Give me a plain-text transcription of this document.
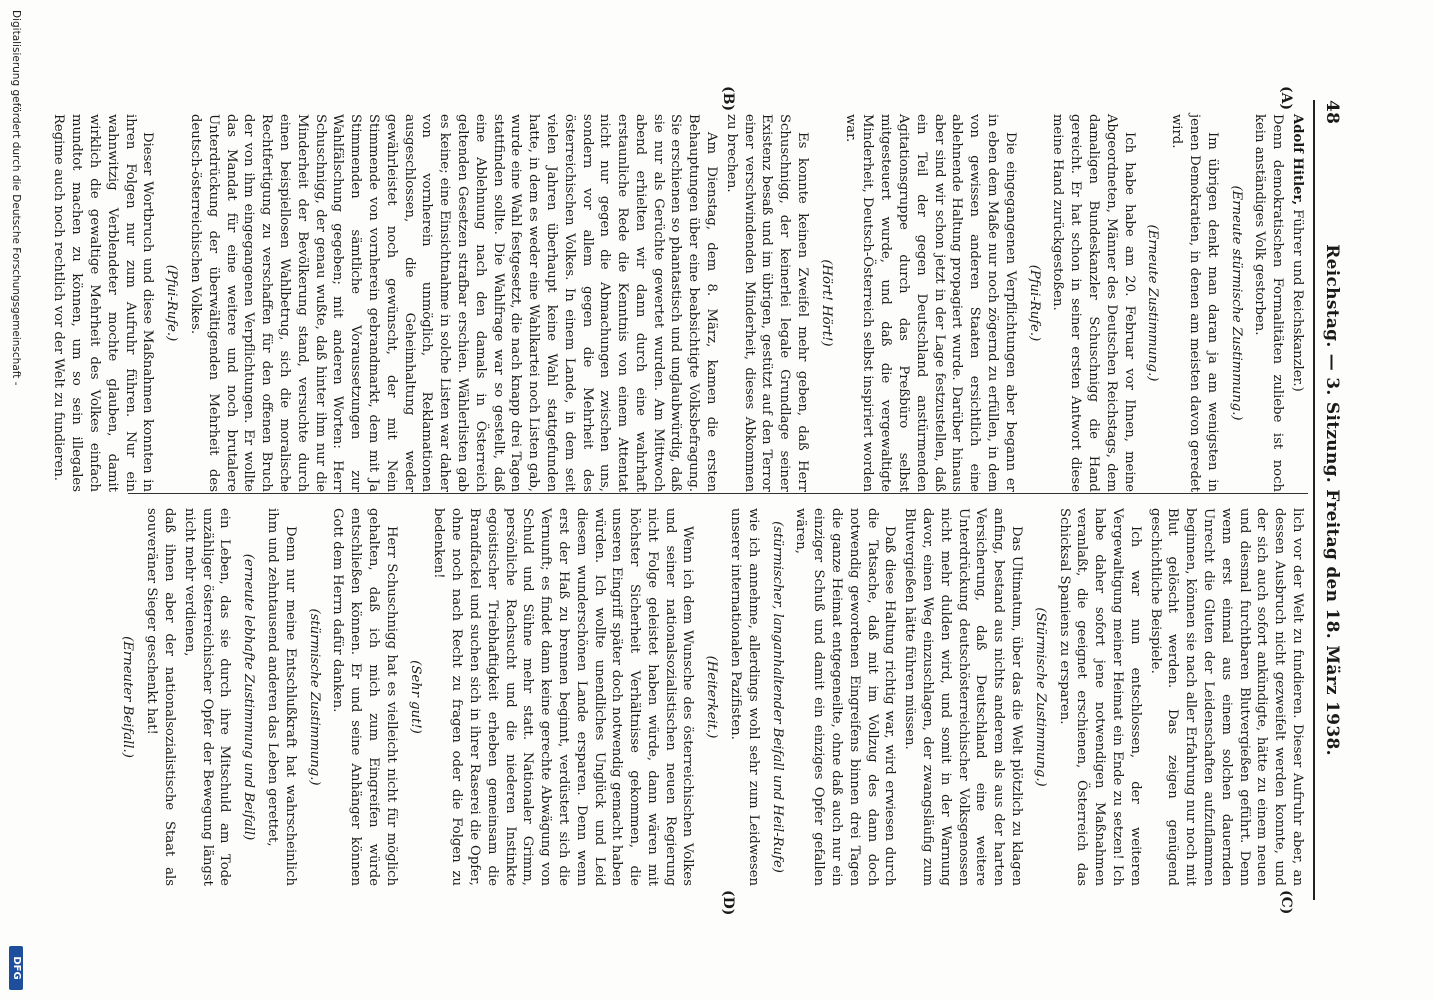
48
Reichstag. — 3. Sitzung. Freitag den 18. März 1938.
(A)
(B)
(C)
(D)

Adolf Hitler, Führer und Reichskanzler.)

Denn demokratischen Formalitäten zuliebe ist noch kein anständiges Volk gestorben.

(Erneute stürmische Zustimmung.)

Im übrigen denkt man daran ja am wenigsten in jenen Demokratien, in denen am meisten davon geredet wird.

(Erneute Zustimmung.)

Ich habe habe am 20. Februar vor Ihnen, meine Abgeordneten, Männer des Deutschen Reichstags, dem damaligen Bundeskanzler Schuschnigg die Hand gereicht. Er hat schon in seiner ersten Antwort diese meine Hand zurückgestoßen.

(Pfui-Rufe.)

Die eingegangenen Verpflichtungen aber begann er in eben dem Maße nur noch zögernd zu erfüllen, in dem von gewissen anderen Staaten ersichtlich eine ablehnende Haltung propagiert wurde. Darüber hinaus aber sind wir schon jetzt in der Lage festzustellen, daß ein Teil der gegen Deutschland anstürmenden Agitationsgruppe durch das Preßbüro selbst mitgesteuert wurde, und daß die vergewaltigte Minderheit, Deutsch-Österreich selbst inspiriert worden war.

(Hört! Hört!)

Es konnte keinen Zweifel mehr geben, daß Herr Schuschnigg, der keinerlei legale Grundlage seiner Existenz besaß und im übrigen, gestützt auf den Terror einer verschwindenden Minderheit, dieses Abkommen zu brechen.

Am Dienstag, dem 8. März, kamen die ersten Behauptungen über eine beabsichtigte Volksbefragung. Sie erschienen so phantastisch und unglaubwürdig, daß sie nur als Gerüchte gewertet wurden. Am Mittwoch abend erhielten wir dann durch eine wahrhaft erstaunliche Rede die Kenntnis von einem Attentat nicht nur gegen die Abmachungen zwischen uns, sondern vor allem gegen die Mehrheit des österreichischen Volkes. In einem Lande, in dem seit vielen Jahren überhaupt keine Wahl stattgefunden hatte, in dem es weder eine Wahlkartei noch Listen gab, wurde eine Wahl festgesetzt, die nach knapp drei Tagen stattfinden sollte. Die Wahlfrage war so gestellt, daß eine Ablehnung nach den damals in Österreich geltenden Gesetzen strafbar erschien. Wählerlisten gab es keine; eine Einsichtnahme in solche Listen war daher von vornherein unmöglich, Reklamationen ausgeschlossen, die Geheimhaltung weder gewährleistet noch gewünscht, der mit Nein Stimmende von vornherein gebrandmarkt, dem mit Ja Stimmenden sämtliche Voraussetzungen zur Wahlfälschung gegeben; mit anderen Worten: Herr Schuschnigg, der genau wußte, daß hinter ihm nur die Minderheit der Bevölkerung stand, versuchte durch einen beispiellosen Wahlbetrug, sich die moralische Rechtfertigung zu verschaffen für den offenen Bruch der von ihm eingegangenen Verpflichtungen. Er wollte das Mandat für eine weitere und noch brutalere Unterdrückung der überwältigenden Mehrheit des deutsch-österreichischen Volkes.

(Pfui-Rufe.)

Dieser Wortbruch und diese Maßnahmen konnten in ihren Folgen nur zum Aufruhr führen. Nur ein wahnwitzig Verblendeter mochte glauben, damit wirklich die gewaltige Mehrheit des Volkes einfach mundtot machen zu können, um so sein illegales Regime auch noch rechtlich vor der Welt zu fundieren.

lich vor der Welt zu fundieren. Dieser Aufruhr aber, an dessen Ausbruch nicht gezweifelt werden konnte, und der sich auch sofort ankündigte, hätte zu einem neuen und diesmal furchtbaren Blutvergießen geführt. Denn wenn erst einmal aus einem solchen dauernden Unrecht die Gluten der Leidenschaften aufzuflammen beginnen, können sie nach aller Erfahrung nur noch mit Blut gelöscht werden. Das zeigen genügend geschichtliche Beispiele.

Ich war nun entschlossen, der weiteren Vergewaltigung meiner Heimat ein Ende zu setzen! Ich habe daher sofort jene notwendigen Maßnahmen veranlaßt, die geeignet erschienen, Österreich das Schicksal Spaniens zu ersparen.

(Stürmische Zustimmung.)

Das Ultimatum, über das die Welt plötzlich zu klagen anfing, bestand aus nichts anderem als aus der harten Versicherung, daß Deutschland eine weitere Unterdrückung deutschösterreichischer Volksgenossen nicht mehr dulden wird, und somit in der Warnung davor, einen Weg einzuschlagen, der zwangsläufig zum Blutvergießen hätte führen müssen.

Daß diese Haltung richtig war, wird erwiesen durch die Tatsache, daß mit im Vollzug des dann doch notwendig gewordenen Eingreifens binnen drei Tagen die ganze Heimat entgegeneilte, ohne daß auch nur ein einziger Schuß und damit ein einziges Opfer gefallen wären,

(stürmischer, langanhaltender Beifall und Heil-Rufe)

wie ich annehme, allerdings wohl sehr zum Leidwesen unserer internationalen Pazifisten.

(Heiterkeit.)

Wenn ich dem Wunsche des österreichischen Volkes und seiner nationalsozialistischen neuen Regierung nicht Folge geleistet haben würde, dann wären mit höchster Sicherheit Verhältnisse gekommen, die unseren Eingriff später doch notwendig gemacht haben würden. Ich wollte unendliches Unglück und Leid diesem wunderschönen Lande ersparen. Denn wenn erst der Haß zu brennen beginnt, verdüstert sich die Vernunft; es findet dann keine gerechte Abwägung von Schuld und Sühne mehr statt. Nationaler Grimm, persönliche Rachsucht und die niederen Instinkte egoistischer Triebhaftigkeit erheben gemeinsam die Brandfackel und suchen sich in ihrer Raserei die Opfer, ohne noch nach Recht zu fragen oder die Folgen zu bedenken!

(Sehr gut!)

Herr Schuschnigg hat es vielleicht nicht für möglich gehalten, daß ich mich zum Eingreifen würde entschließen können. Er und seine Anhänger können Gott dem Herrn dafür danken.

(stürmische Zustimmung.)

Denn nur meine Entschlußkraft hat wahrscheinlich ihm und zehntausend anderen das Leben gerettet,

(erneute lebhafte Zustimmung und Beifall)

ein Leben, das sie durch ihre Mitschuld am Tode unzähliger österreichischer Opfer der Bewegung längst nicht mehr verdienen,

daß ihnen aber der nationalsozialistische Staat als souveräner Sieger geschenkt hat!

(Erneuter Beifall.)

Digitalisierung gefördert durch die Deutsche Forschungsgemeinschaft -
DFG
